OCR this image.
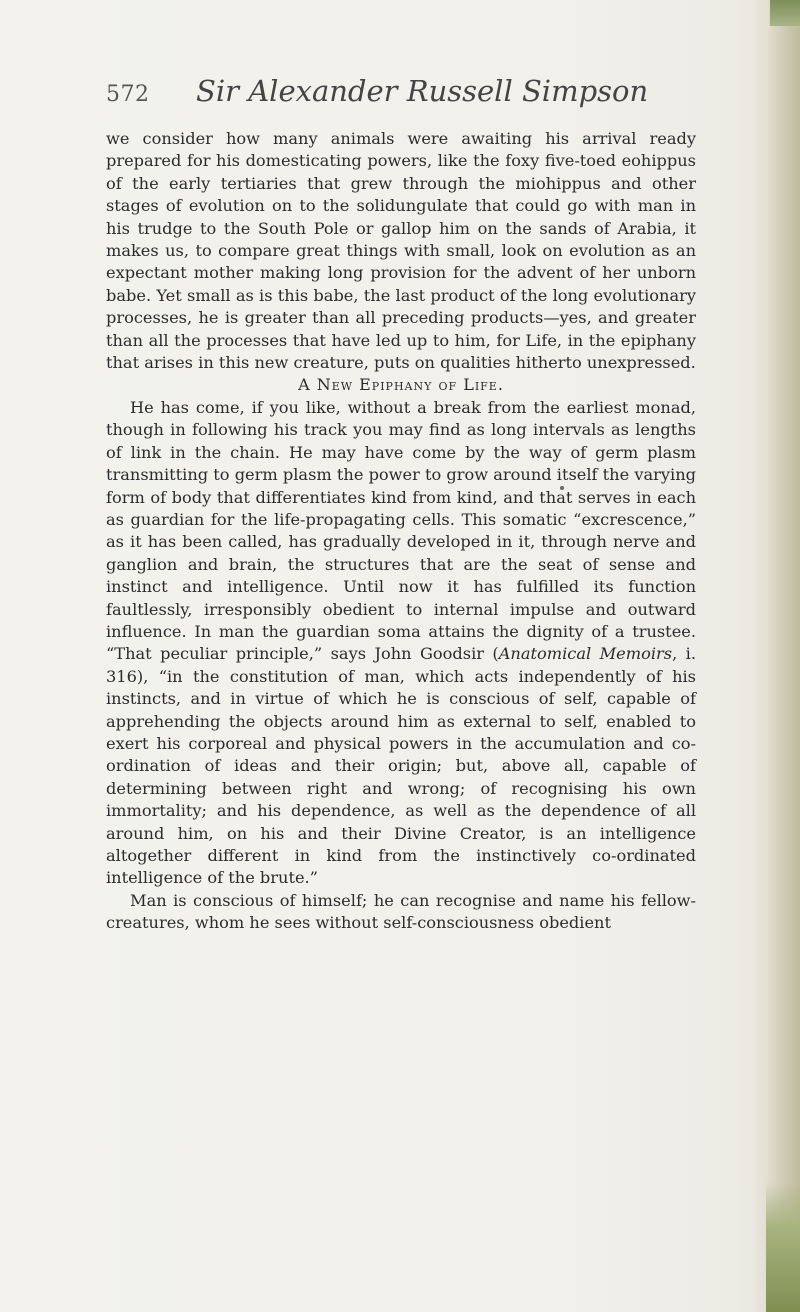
572 Sir Alexander Russell Simpson

we consider how many animals were awaiting his arrival ready prepared for his domesticating powers, like the foxy five-toed eohippus of the early tertiaries that grew through the miohippus and other stages of evolution on to the solidungulate that could go with man in his trudge to the South Pole or gallop him on the sands of Arabia, it makes us, to compare great things with small, look on evolution as an expectant mother making long provision for the advent of her unborn babe. Yet small as is this babe, the last product of the long evolutionary processes, he is greater than all preceding products—yes, and greater than all the processes that have led up to him, for Life, in the epiphany that arises in this new creature, puts on qualities hitherto unexpressed.

A New Epiphany of Life.

He has come, if you like, without a break from the earliest monad, though in following his track you may find as long intervals as lengths of link in the chain. He may have come by the way of germ plasm transmitting to germ plasm the power to grow around itself the varying form of body that differentiates kind from kind, and that serves in each as guardian for the life-propagating cells. This somatic “excrescence,” as it has been called, has gradually developed in it, through nerve and ganglion and brain, the structures that are the seat of sense and instinct and intelligence. Until now it has fulfilled its function faultlessly, irresponsibly obedient to internal impulse and outward influence. In man the guardian soma attains the dignity of a trustee. “That peculiar principle,” says John Goodsir (Anatomical Memoirs, i. 316), “in the constitution of man, which acts independently of his instincts, and in virtue of which he is conscious of self, capable of apprehending the objects around him as external to self, enabled to exert his corporeal and physical powers in the accumulation and co-ordination of ideas and their origin; but, above all, capable of determining between right and wrong; of recognising his own immortality; and his dependence, as well as the dependence of all around him, on his and their Divine Creator, is an intelligence altogether different in kind from the instinctively co-ordinated intelligence of the brute.”

Man is conscious of himself; he can recognise and name his fellow-creatures, whom he sees without self-consciousness obedient
